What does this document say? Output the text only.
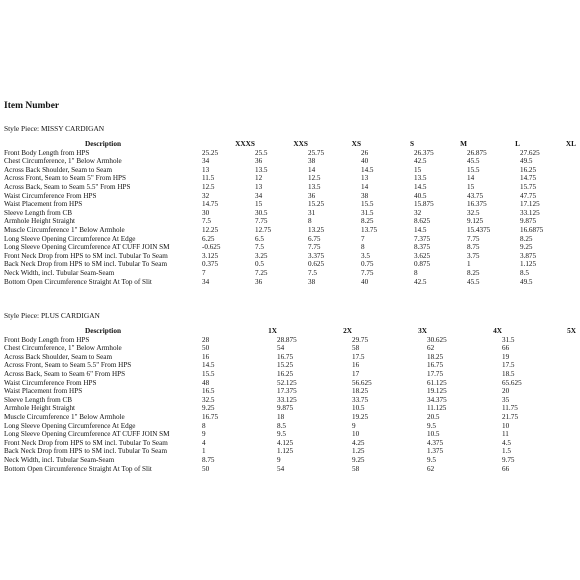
Item Number
Style Piece: MISSY CARDIGAN
Description	XXXS	XXS	XS	S	M	L	XL
Front Body Length from HPS	25.25	25.5	25.75	26	26.375	26.875	27.625
Chest Circumference, 1" Below Armhole	34	36	38	40	42.5	45.5	49.5
Across Back Shoulder, Seam to Seam	13	13.5	14	14.5	15	15.5	16.25
Across Front, Seam to Seam 5" From HPS	11.5	12	12.5	13	13.5	14	14.75
Across Back, Seam to Seam 5.5" From HPS	12.5	13	13.5	14	14.5	15	15.75
Waist Circumference From HPS	32	34	36	38	40.5	43.75	47.75
Waist Placement from HPS	14.75	15	15.25	15.5	15.875	16.375	17.125
Sleeve Length from CB	30	30.5	31	31.5	32	32.5	33.125
Armhole Height Straight	7.5	7.75	8	8.25	8.625	9.125	9.875
Muscle Circumference 1" Below Armhole	12.25	12.75	13.25	13.75	14.5	15.4375	16.6875
Long Sleeve Opening Circumference At Edge	6.25	6.5	6.75	7	7.375	7.75	8.25
Long Sleeve Opening Circumference AT CUFF JOIN SM	-0.625	7.5	7.75	8	8.375	8.75	9.25
Front Neck Drop from HPS to SM incl. Tubular To Seam	3.125	3.25	3.375	3.5	3.625	3.75	3.875
Back Neck Drop from HPS to SM incl. Tubular To Seam	0.375	0.5	0.625	0.75	0.875	1	1.125
Neck Width, incl. Tubular Seam-Seam	7	7.25	7.5	7.75	8	8.25	8.5
Bottom Open Circumference Straight At Top of Slit	34	36	38	40	42.5	45.5	49.5
Style Piece: PLUS CARDIGAN
Description	1X	2X	3X	4X	5X
Front Body Length from HPS	28	28.875	29.75	30.625	31.5
Chest Circumference, 1" Below Armhole	50	54	58	62	66
Across Back Shoulder, Seam to Seam	16	16.75	17.5	18.25	19
Across Front, Seam to Seam 5.5" From HPS	14.5	15.25	16	16.75	17.5
Across Back, Seam to Seam 6" From HPS	15.5	16.25	17	17.75	18.5
Waist Circumference From HPS	48	52.125	56.625	61.125	65.625
Waist Placement from HPS	16.5	17.375	18.25	19.125	20
Sleeve Length from CB	32.5	33.125	33.75	34.375	35
Armhole Height Straight	9.25	9.875	10.5	11.125	11.75
Muscle Circumference 1" Below Armhole	16.75	18	19.25	20.5	21.75
Long Sleeve Opening Circumference At Edge	8	8.5	9	9.5	10
Long Sleeve Opening Circumference AT CUFF JOIN SM	9	9.5	10	10.5	11
Front Neck Drop from HPS to SM incl. Tubular To Seam	4	4.125	4.25	4.375	4.5
Back Neck Drop from HPS to SM incl. Tubular To Seam	1	1.125	1.25	1.375	1.5
Neck Width, incl. Tubular Seam-Seam	8.75	9	9.25	9.5	9.75
Bottom Open Circumference Straight At Top of Slit	50	54	58	62	66
